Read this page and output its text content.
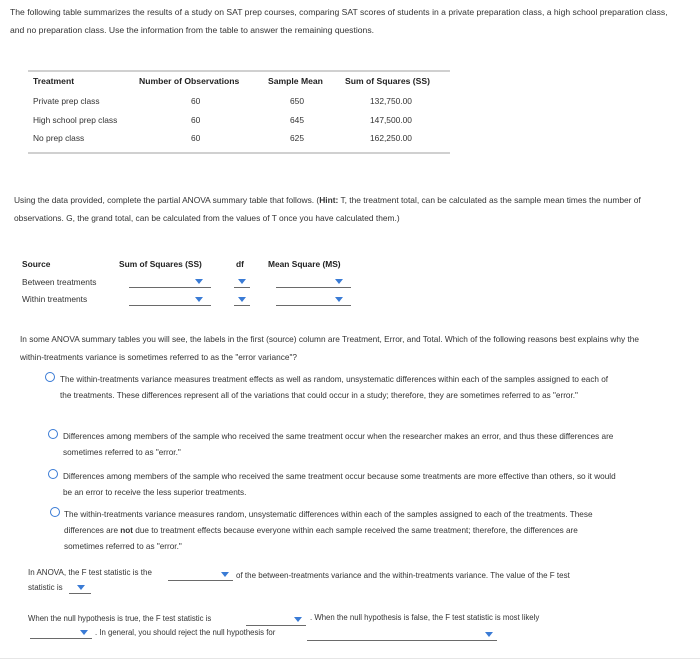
The following table summarizes the results of a study on SAT prep courses, comparing SAT scores of students in a private preparation class, a high school preparation class, and no preparation class. Use the information from the table to answer the remaining questions.
Treatment	Number of Observations	Sample Mean	Sum of Squares (SS)
Private prep class	60	650	132,750.00
High school prep class	60	645	147,500.00
No prep class	60	625	162,250.00
Using the data provided, complete the partial ANOVA summary table that follows. (Hint: T, the treatment total, can be calculated as the sample mean times the number of observations. G, the grand total, can be calculated from the values of T once you have calculated them.)
Source	Sum of Squares (SS)	df	Mean Square (MS)
Between treatments
Within treatments
In some ANOVA summary tables you will see, the labels in the first (source) column are Treatment, Error, and Total. Which of the following reasons best explains why the within-treatments variance is sometimes referred to as the "error variance"?
The within-treatments variance measures treatment effects as well as random, unsystematic differences within each of the samples assigned to each of the treatments. These differences represent all of the variations that could occur in a study; therefore, they are sometimes referred to as "error."
Differences among members of the sample who received the same treatment occur when the researcher makes an error, and thus these differences are sometimes referred to as "error."
Differences among members of the sample who received the same treatment occur because some treatments are more effective than others, so it would be an error to receive the less superior treatments.
The within-treatments variance measures random, unsystematic differences within each of the samples assigned to each of the treatments. These differences are not due to treatment effects because everyone within each sample received the same treatment; therefore, the differences are sometimes referred to as "error."
In ANOVA, the F test statistic is the	of the between-treatments variance and the within-treatments variance. The value of the F test
statistic is
When the null hypothesis is true, the F test statistic is	. When the null hypothesis is false, the F test statistic is most likely
. In general, you should reject the null hypothesis for
